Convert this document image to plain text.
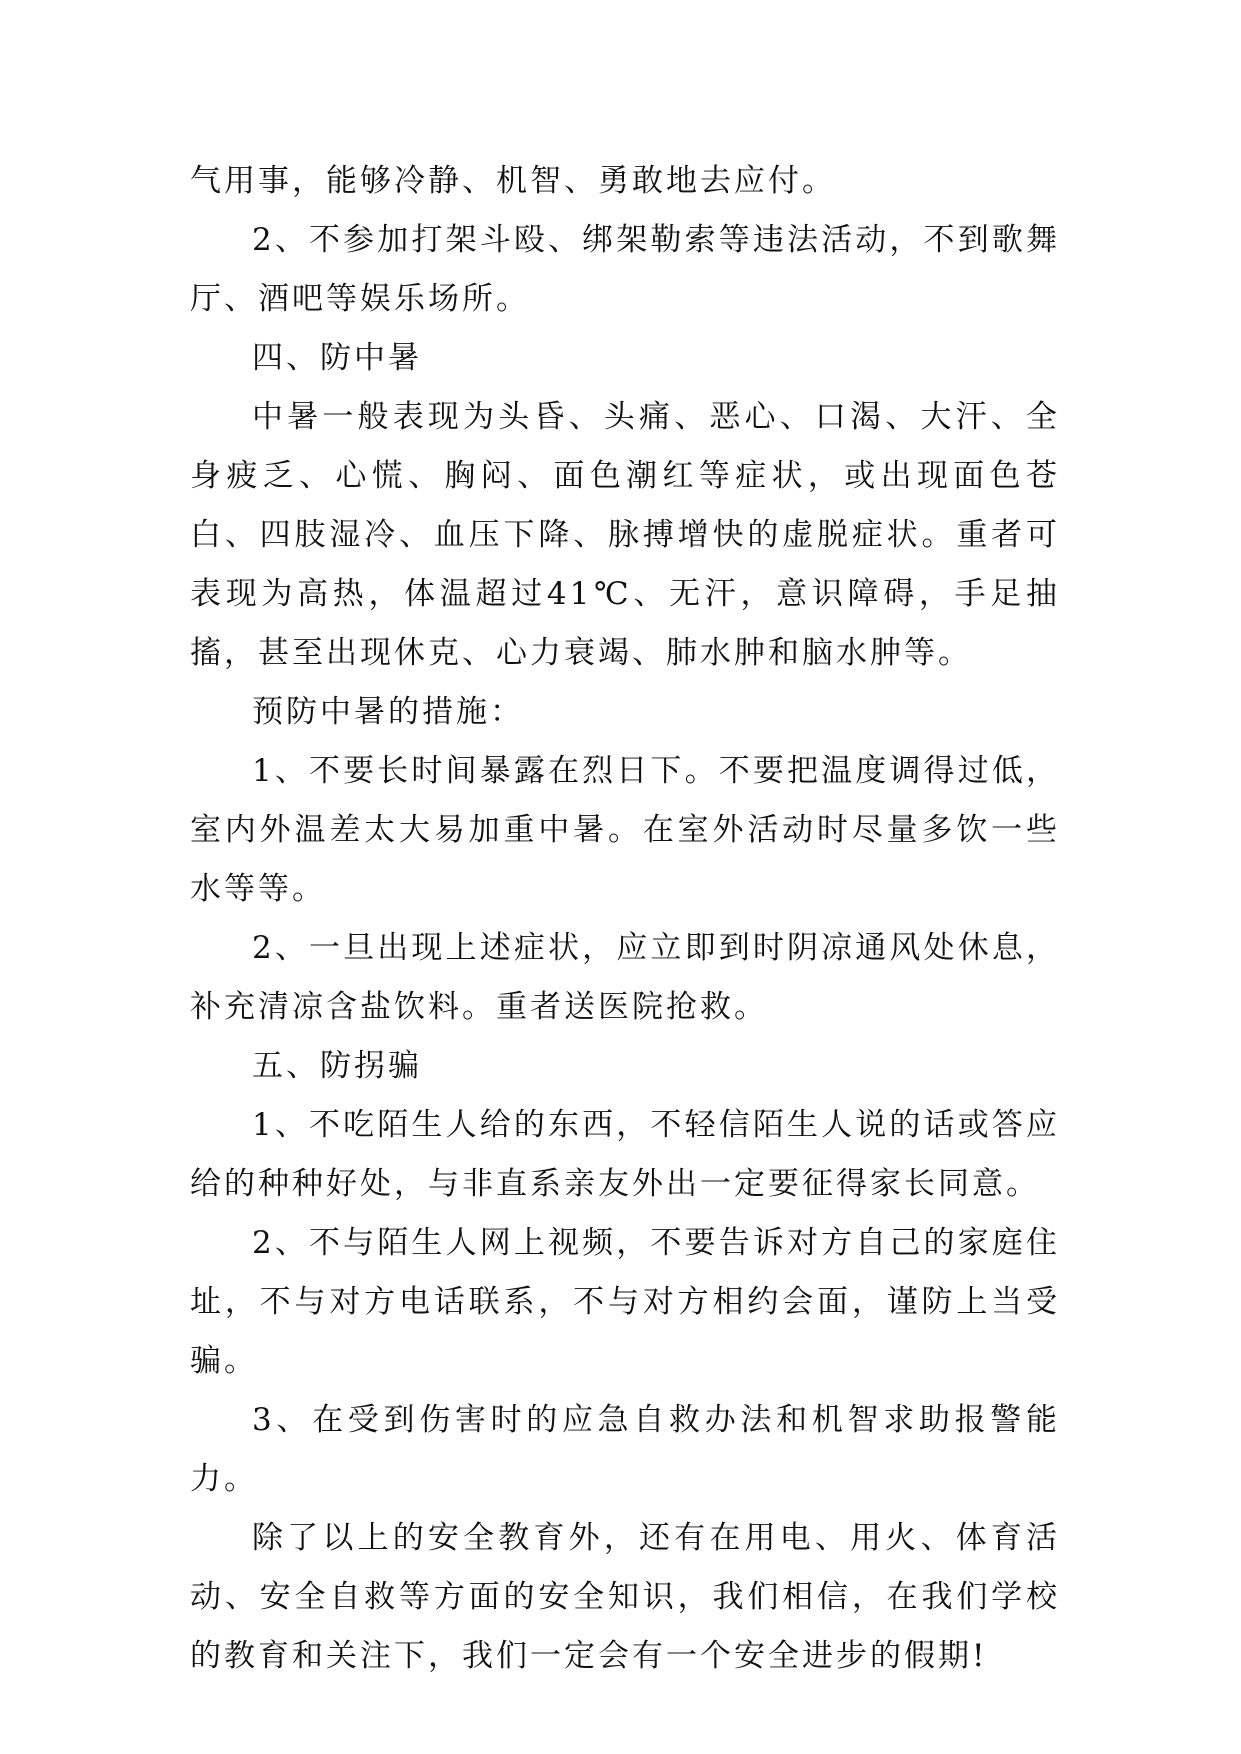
气用事，能够冷静、机智、勇敢地去应付。

2、不参加打架斗殴、绑架勒索等违法活动，不到歌舞厅、酒吧等娱乐场所。

四、防中暑

中暑一般表现为头昏、头痛、恶心、口渴、大汗、全身疲乏、心慌、胸闷、面色潮红等症状，或出现面色苍白、四肢湿冷、血压下降、脉搏增快的虚脱症状。重者可表现为高热，体温超过41℃、无汗，意识障碍，手足抽搐，甚至出现休克、心力衰竭、肺水肿和脑水肿等。

预防中暑的措施：

1、不要长时间暴露在烈日下。不要把温度调得过低，室内外温差太大易加重中暑。在室外活动时尽量多饮一些水等等。

2、一旦出现上述症状，应立即到时阴凉通风处休息，补充清凉含盐饮料。重者送医院抢救。

五、防拐骗

1、不吃陌生人给的东西，不轻信陌生人说的话或答应给的种种好处，与非直系亲友外出一定要征得家长同意。

2、不与陌生人网上视频，不要告诉对方自己的家庭住址，不与对方电话联系，不与对方相约会面，谨防上当受骗。

3、在受到伤害时的应急自救办法和机智求助报警能力。

除了以上的安全教育外，还有在用电、用火、体育活动、安全自救等方面的安全知识，我们相信，在我们学校的教育和关注下，我们一定会有一个安全进步的假期!
